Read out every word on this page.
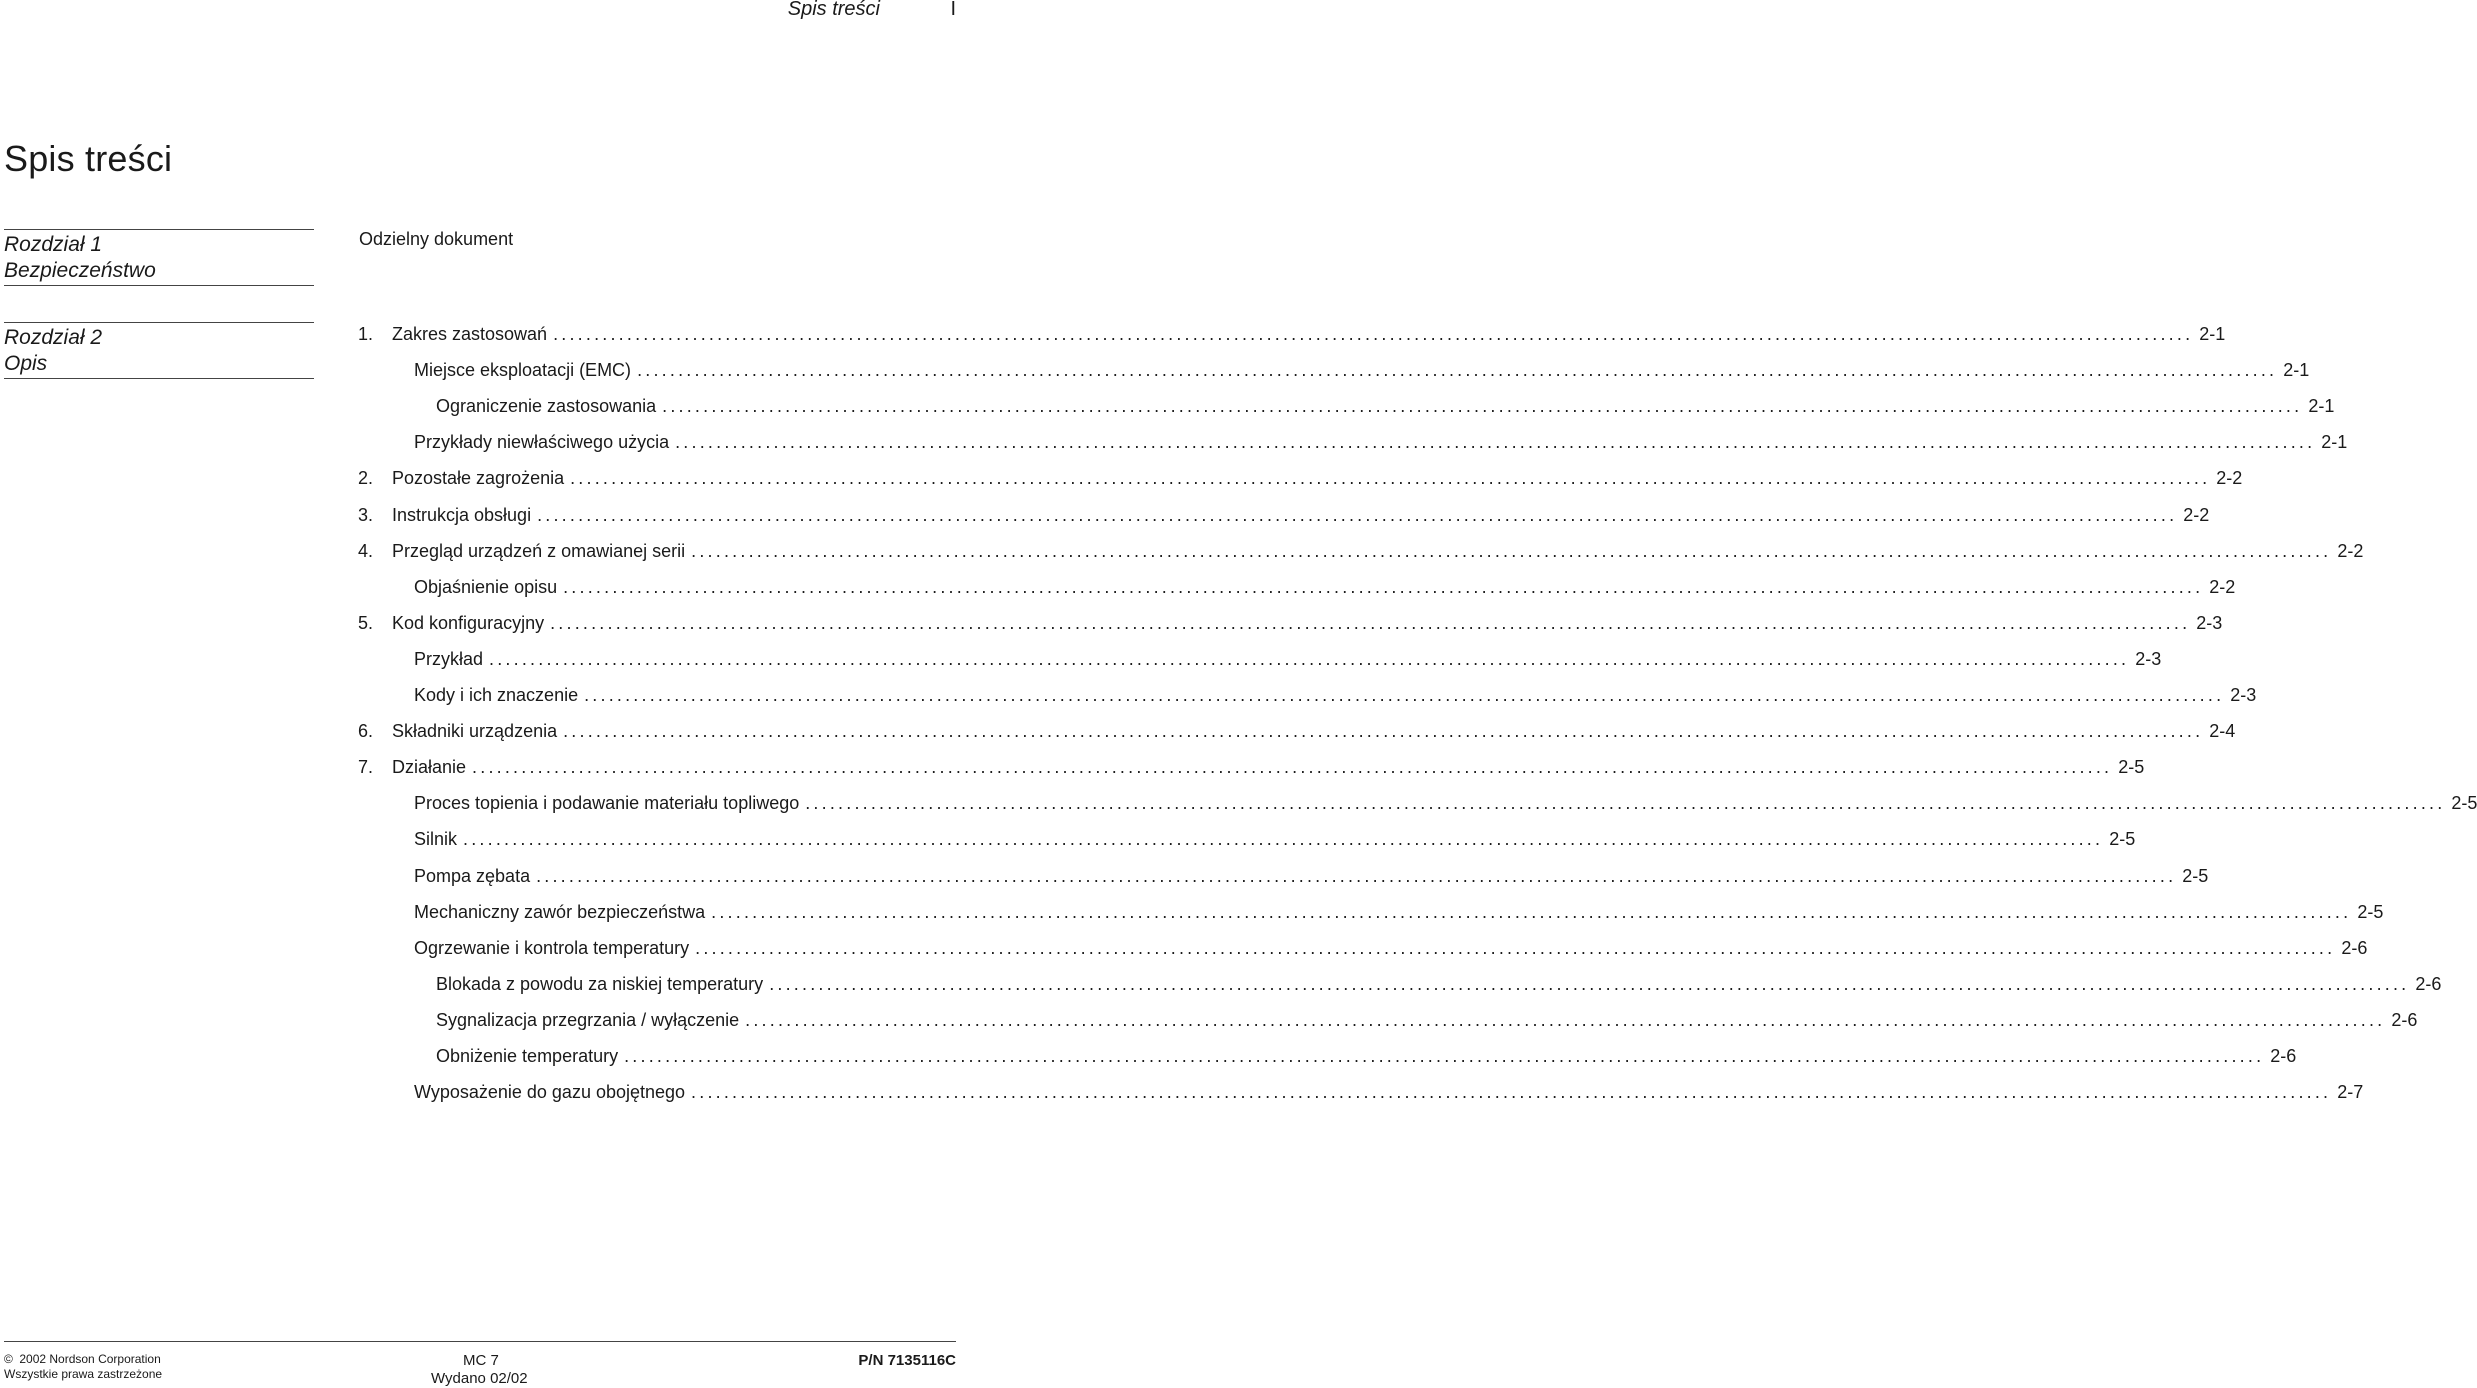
Spis treści	I
Spis treści
Rozdział 1
Bezpieczeństwo
Odzielny dokument
Rozdział 2
Opis
1.	Zakres zastosowań ........................................................................................................................................................................................................ 2-1
Miejsce eksploatacji (EMC) ........................................................................................................................................................................................................ 2-1
Ograniczenie zastosowania ........................................................................................................................................................................................................ 2-1
Przykłady niewłaściwego użycia ........................................................................................................................................................................................................ 2-1
2.	Pozostałe zagrożenia ........................................................................................................................................................................................................ 2-2
3.	Instrukcja obsługi ........................................................................................................................................................................................................ 2-2
4.	Przegląd urządzeń z omawianej serii ........................................................................................................................................................................................................ 2-2
Objaśnienie opisu ........................................................................................................................................................................................................ 2-2
5.	Kod konfiguracyjny ........................................................................................................................................................................................................ 2-3
Przykład ........................................................................................................................................................................................................ 2-3
Kody i ich znaczenie ........................................................................................................................................................................................................ 2-3
6.	Składniki urządzenia ........................................................................................................................................................................................................ 2-4
7.	Działanie ........................................................................................................................................................................................................ 2-5
Proces topienia i podawanie materiału topliwego ........................................................................................................................................................................................................ 2-5
Silnik ........................................................................................................................................................................................................ 2-5
Pompa zębata ........................................................................................................................................................................................................ 2-5
Mechaniczny zawór bezpieczeństwa ........................................................................................................................................................................................................ 2-5
Ogrzewanie i kontrola temperatury ........................................................................................................................................................................................................ 2-6
Blokada z powodu za niskiej temperatury ........................................................................................................................................................................................................ 2-6
Sygnalizacja przegrzania / wyłączenie ........................................................................................................................................................................................................ 2-6
Obniżenie temperatury ........................................................................................................................................................................................................ 2-6
Wyposażenie do gazu obojętnego ........................................................................................................................................................................................................ 2-7
© 2002 Nordson Corporation
Wszystkie prawa zastrzeżone
MC 7
Wydano 02/02
P/N 7135116C
